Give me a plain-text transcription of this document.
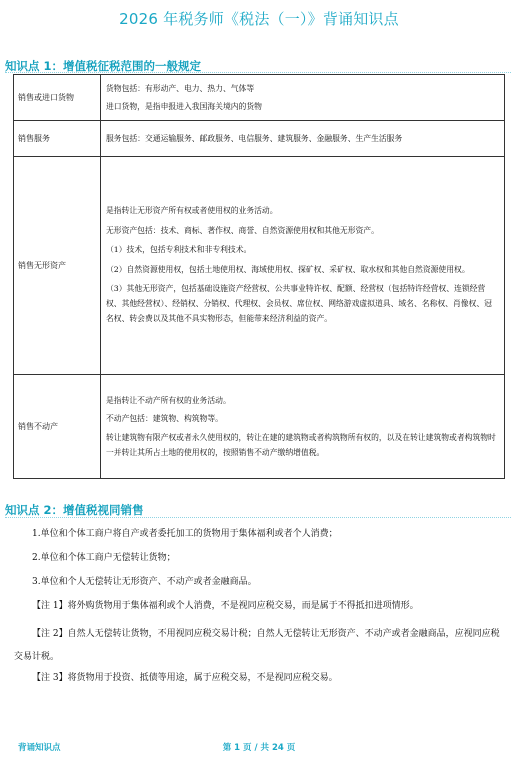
2026 年税务师《税法（一）》背诵知识点
知识点 1：增值税征税范围的一般规定
销售或进口货物	货物包括：有形动产、电力、热力、气体等
进口货物，是指申报进入我国海关境内的货物

销售服务	服务包括：交通运输服务、邮政服务、电信服务、建筑服务、金融服务、生产生活服务

销售无形资产	是指转让无形资产所有权或者使用权的业务活动。
无形资产包括：技术、商标、著作权、商誉、自然资源使用权和其他无形资产。
（1）技术，包括专利技术和非专利技术。
（2）自然资源使用权，包括土地使用权、海域使用权、探矿权、采矿权、取水权和其他自然资源使用权。
（3）其他无形资产，包括基础设施资产经营权、公共事业特许权、配额、经营权（包括特许经营权、连锁经营权、其他经营权）、经销权、分销权、代理权、会员权、席位权、网络游戏虚拟道具、域名、名称权、肖像权、冠名权、转会费以及其他不具实物形态，但能带来经济利益的资产。

销售不动产	是指转让不动产所有权的业务活动。
不动产包括：建筑物、构筑物等。
转让建筑物有限产权或者永久使用权的，转让在建的建筑物或者构筑物所有权的，以及在转让建筑物或者构筑物时一并转让其所占土地的使用权的，按照销售不动产缴纳增值税。
知识点 2：增值税视同销售
1.单位和个体工商户将自产或者委托加工的货物用于集体福利或者个人消费；
2.单位和个体工商户无偿转让货物；
3.单位和个人无偿转让无形资产、不动产或者金融商品。
【注 1】将外购货物用于集体福利或个人消费，不是视同应税交易，而是属于不得抵扣进项情形。
【注 2】自然人无偿转让货物，不用视同应税交易计税；自然人无偿转让无形资产、不动产或者金融商品，应视同应税交易计税。
【注 3】将货物用于投资、抵债等用途，属于应税交易，不是视同应税交易。
背诵知识点	第 1 页 / 共 24 页
